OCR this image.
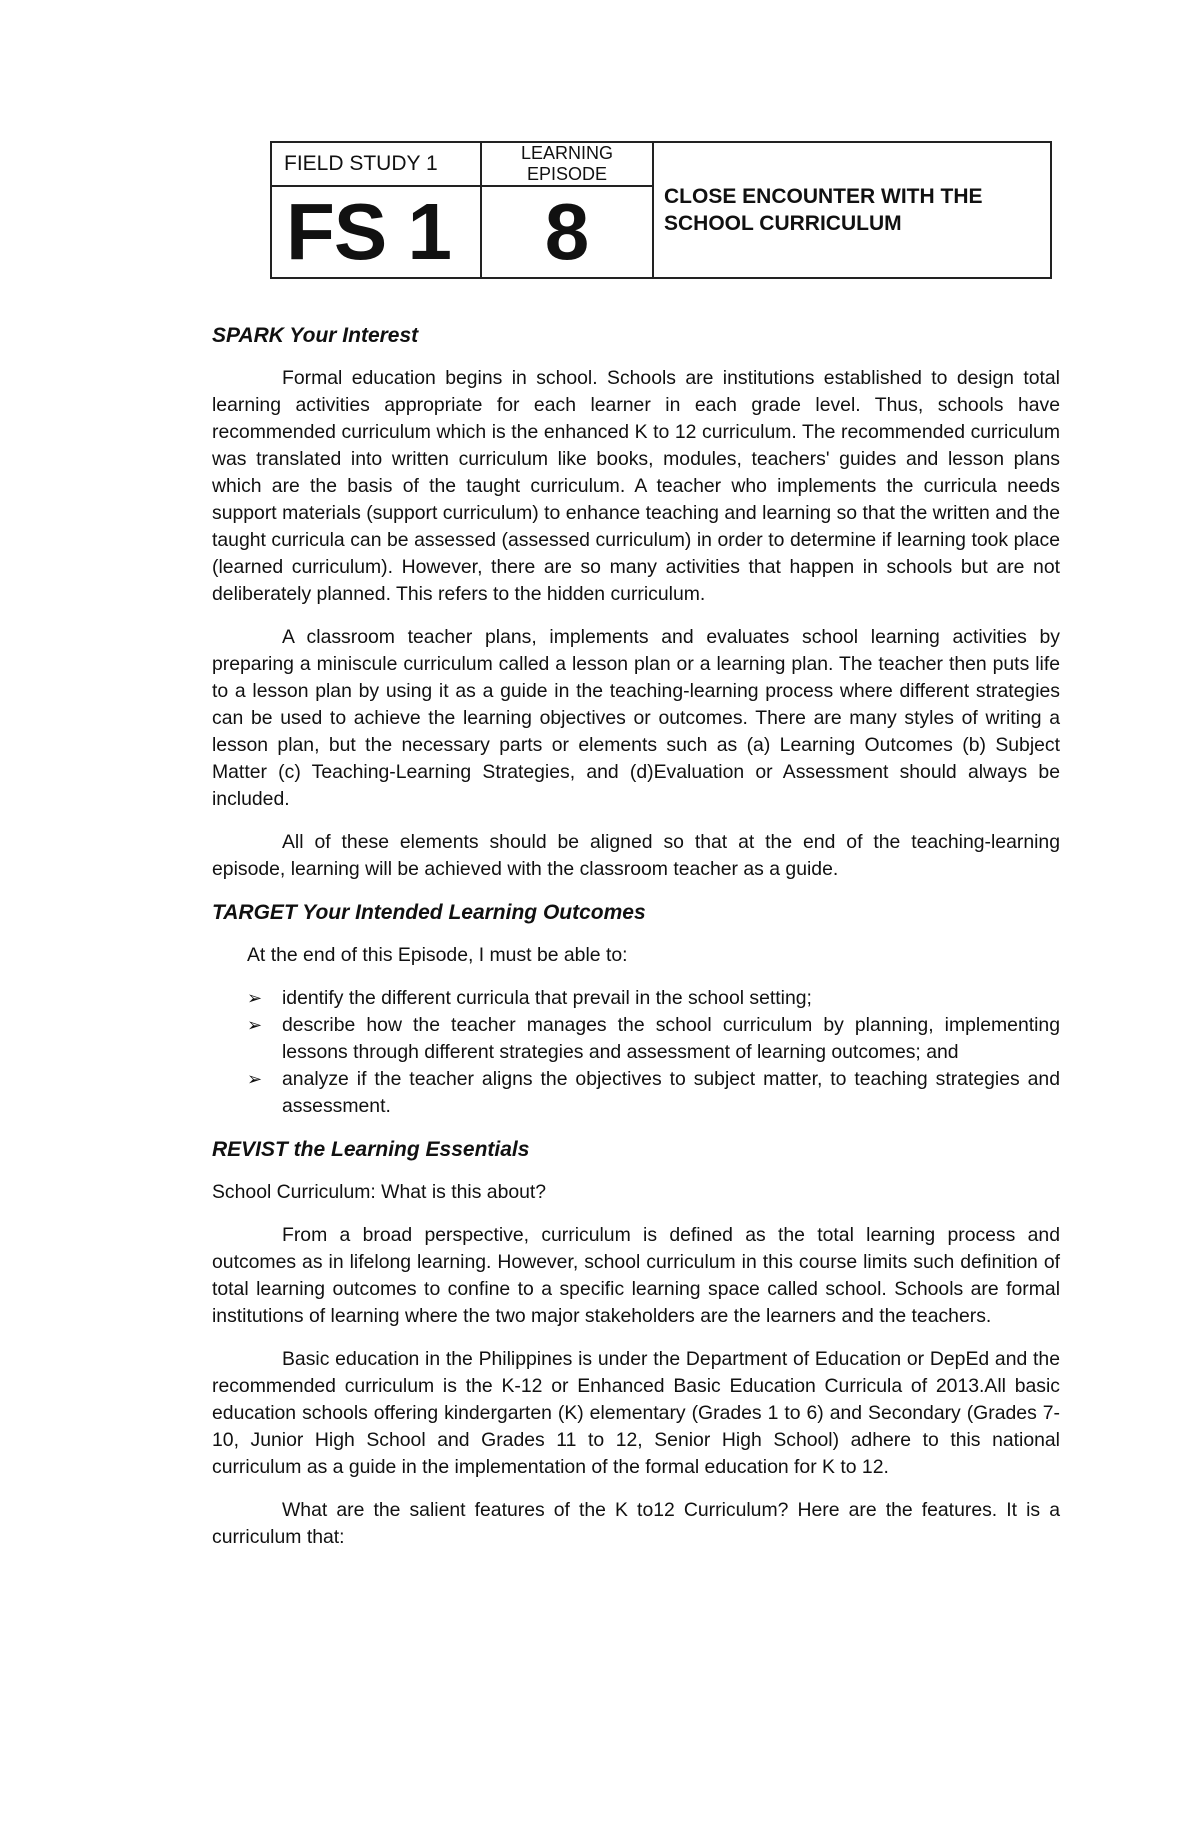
FIELD STUDY 1	LEARNING EPISODE	CLOSE ENCOUNTER WITH THE SCHOOL CURRICULUM
FS 1	8	
SPARK Your Interest

Formal education begins in school. Schools are institutions established to design total learning activities appropriate for each learner in each grade level. Thus, schools have recommended curriculum which is the enhanced K to 12 curriculum. The recommended curriculum was translated into written curriculum like books, modules, teachers' guides and lesson plans which are the basis of the taught curriculum. A teacher who implements the curricula needs support materials (support curriculum) to enhance teaching and learning so that the written and the taught curricula can be assessed (assessed curriculum) in order to determine if learning took place (learned curriculum). However, there are so many activities that happen in schools but are not deliberately planned. This refers to the hidden curriculum.

A classroom teacher plans, implements and evaluates school learning activities by preparing a miniscule curriculum called a lesson plan or a learning plan. The teacher then puts life to a lesson plan by using it as a guide in the teaching-learning process where different strategies can be used to achieve the learning objectives or outcomes. There are many styles of writing a lesson plan, but the necessary parts or elements such as (a) Learning Outcomes (b) Subject Matter (c) Teaching-Learning Strategies, and (d)Evaluation or Assessment should always be included.

All of these elements should be aligned so that at the end of the teaching-learning episode, learning will be achieved with the classroom teacher as a guide.

TARGET Your Intended Learning Outcomes

At the end of this Episode, I must be able to:

➢ identify the different curricula that prevail in the school setting;
➢ describe how the teacher manages the school curriculum by planning, implementing lessons through different strategies and assessment of learning outcomes; and
➢ analyze if the teacher aligns the objectives to subject matter, to teaching strategies and assessment.
REVIST the Learning Essentials

School Curriculum: What is this about?

From a broad perspective, curriculum is defined as the total learning process and outcomes as in lifelong learning. However, school curriculum in this course limits such definition of total learning outcomes to confine to a specific learning space called school. Schools are formal institutions of learning where the two major stakeholders are the learners and the teachers.

Basic education in the Philippines is under the Department of Education or DepEd and the recommended curriculum is the K-12 or Enhanced Basic Education Curricula of 2013.All basic education schools offering kindergarten (K) elementary (Grades 1 to 6) and Secondary (Grades 7-10, Junior High School and Grades 11 to 12, Senior High School) adhere to this national curriculum as a guide in the implementation of the formal education for K to 12.

What are the salient features of the K to12 Curriculum? Here are the features. It is a curriculum that:
